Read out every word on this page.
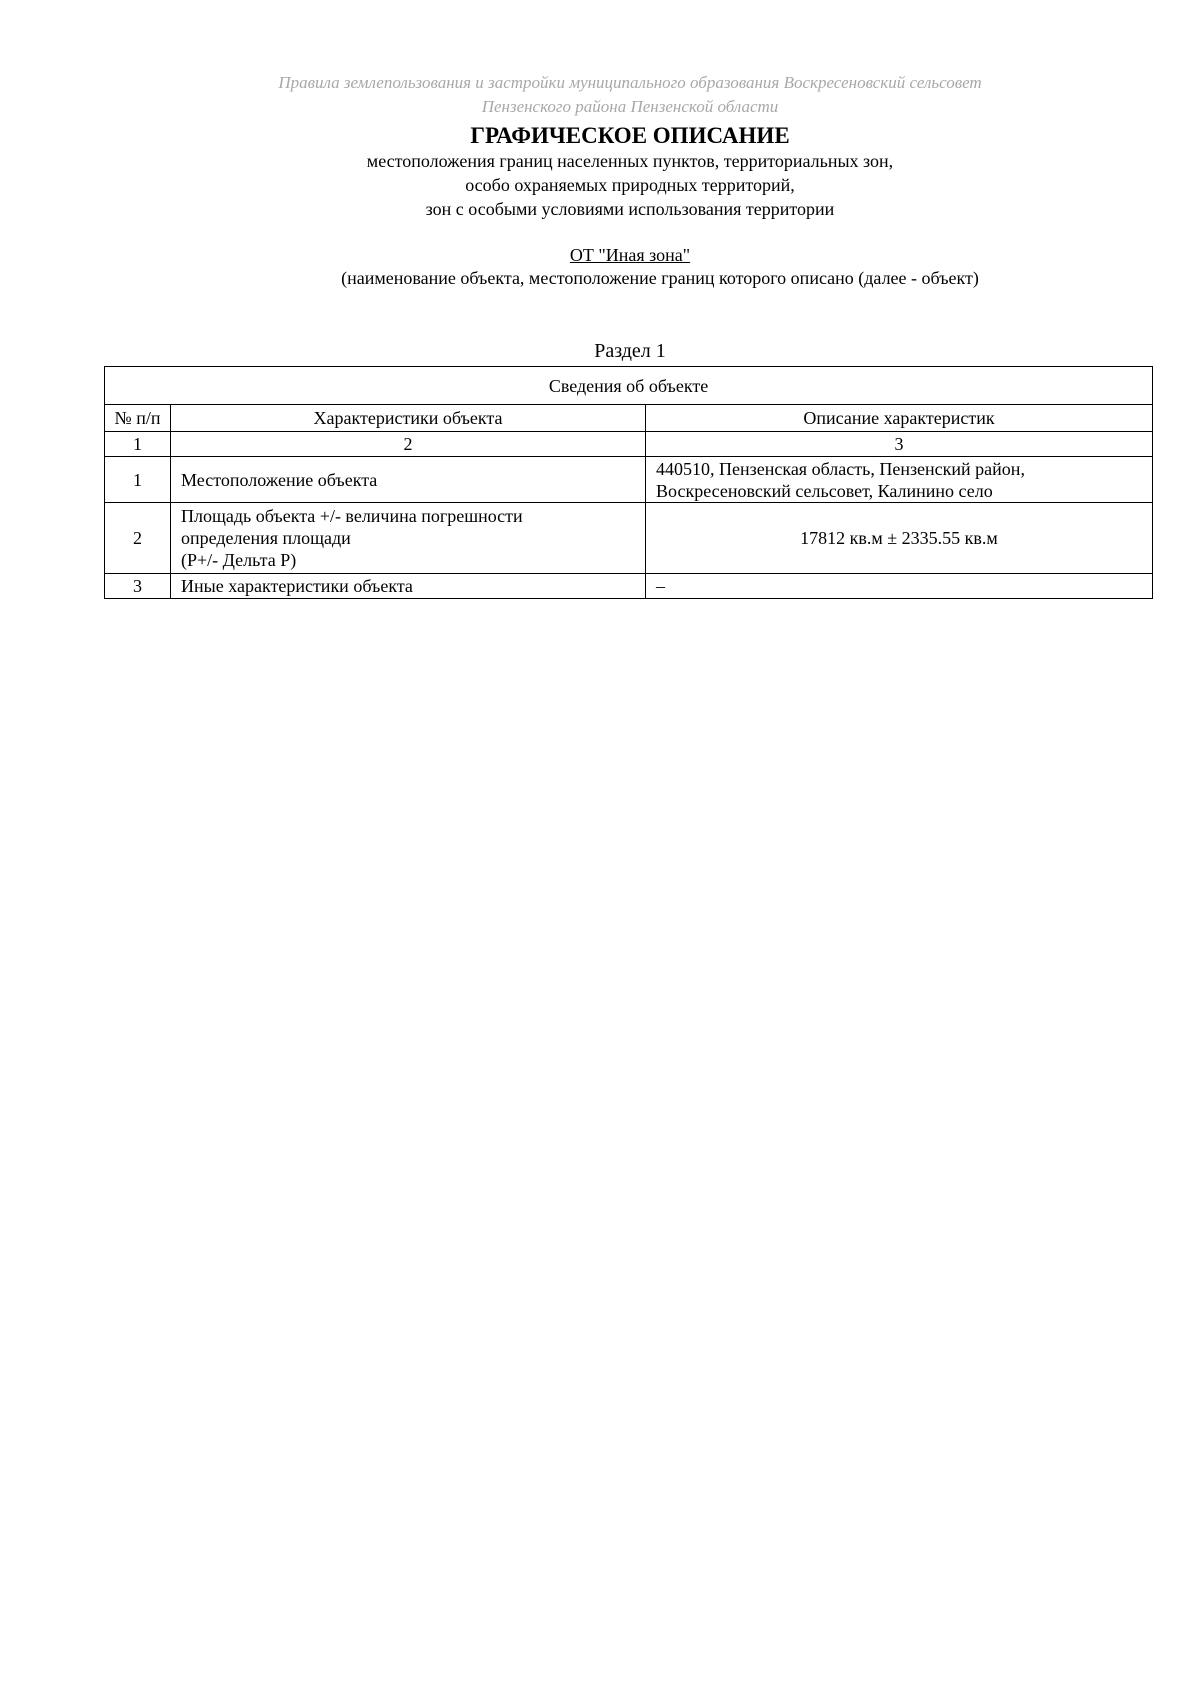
Правила землепользования и застройки муниципального образования Воскресеновский сельсовет
Пензенского района Пензенской области
ГРАФИЧЕСКОЕ ОПИСАНИЕ
местоположения границ населенных пунктов, территориальных зон,
особо охраняемых природных территорий,
зон с особыми условиями использования территории
ОТ "Иная зона"
(наименование объекта, местоположение границ которого описано (далее - объект)
Раздел 1
Сведения об объекте		
№ п/п	Характеристики объекта	Описание характеристик
1	2	3
1	Местоположение объекта	440510, Пензенская область, Пензенский район,
Воскресеновский сельсовет, Калинино село

2	Площадь объекта +/- величина погрешности
определения площади
(P+/- Дельта P)	17812 кв.м ± 2335.55 кв.м
3	Иные характеристики объекта	–
